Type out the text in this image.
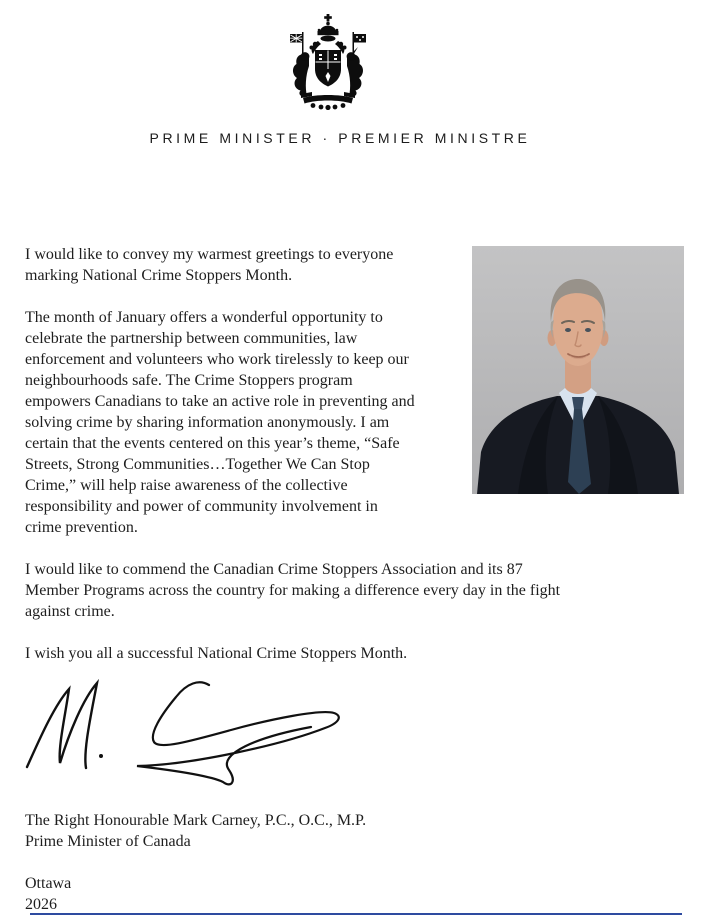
PRIME MINISTER · PREMIER MINISTRE
I would like to convey my warmest greetings to everyone
marking National Crime Stoppers Month.
The month of January offers a wonderful opportunity to
celebrate the partnership between communities, law
enforcement and volunteers who work tirelessly to keep our
neighbourhoods safe. The Crime Stoppers program
empowers Canadians to take an active role in preventing and
solving crime by sharing information anonymously. I am
certain that the events centered on this year’s theme, “Safe
Streets, Strong Communities…Together We Can Stop
Crime,” will help raise awareness of the collective
responsibility and power of community involvement in
crime prevention.
I would like to commend the Canadian Crime Stoppers Association and its 87
Member Programs across the country for making a difference every day in the fight
against crime.
I wish you all a successful National Crime Stoppers Month.
The Right Honourable Mark Carney, P.C., O.C., M.P.
Prime Minister of Canada
Ottawa
2026
